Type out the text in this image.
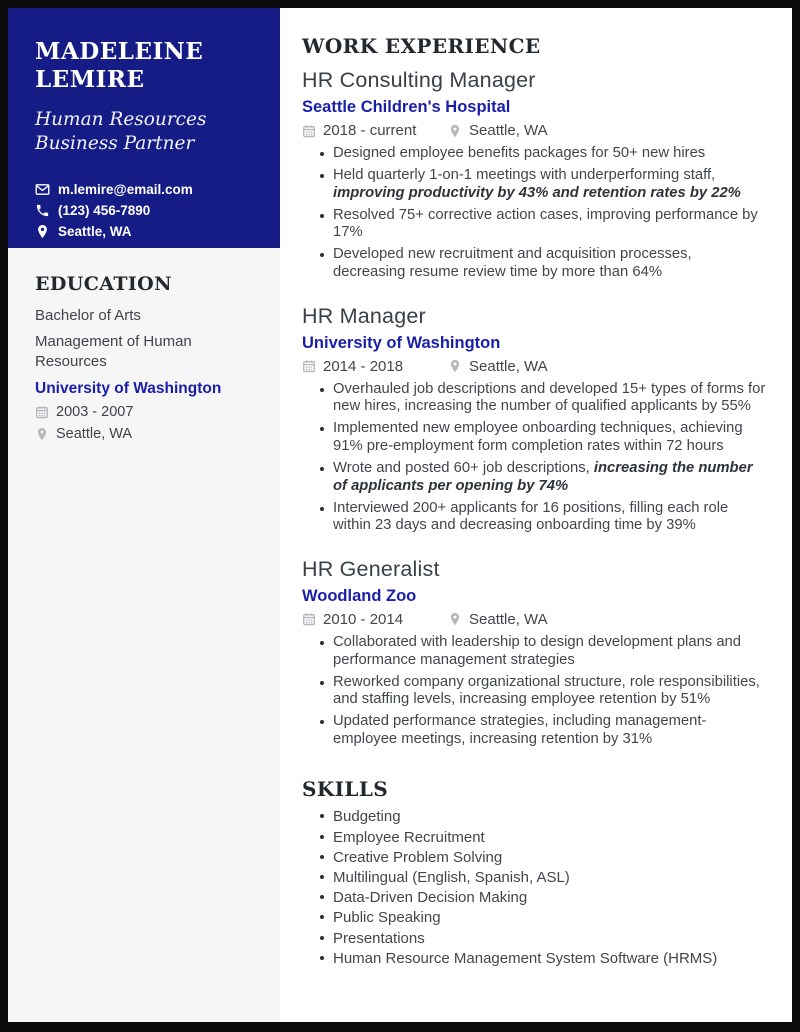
MADELEINE
LEMIRE
Human Resources
Business Partner
m.lemire@email.com
(123) 456-7890
Seattle, WA
EDUCATION
Bachelor of Arts
Management of Human Resources
University of Washington
2003 - 2007
Seattle, WA
WORK EXPERIENCE
HR Consulting Manager
Seattle Children's Hospital
2018 - current	Seattle, WA
Designed employee benefits packages for 50+ new hires
Held quarterly 1-on-1 meetings with underperforming staff, improving productivity by 43% and retention rates by 22%
Resolved 75+ corrective action cases, improving performance by 17%
Developed new recruitment and acquisition processes, decreasing resume review time by more than 64%
HR Manager
University of Washington
2014 - 2018	Seattle, WA
Overhauled job descriptions and developed 15+ types of forms for new hires, increasing the number of qualified applicants by 55%
Implemented new employee onboarding techniques, achieving 91% pre-employment form completion rates within 72 hours
Wrote and posted 60+ job descriptions, increasing the number of applicants per opening by 74%
Interviewed 200+ applicants for 16 positions, filling each role within 23 days and decreasing onboarding time by 39%
HR Generalist
Woodland Zoo
2010 - 2014	Seattle, WA
Collaborated with leadership to design development plans and performance management strategies
Reworked company organizational structure, role responsibilities, and staffing levels, increasing employee retention by 51%
Updated performance strategies, including management-employee meetings, increasing retention by 31%
SKILLS
Budgeting
Employee Recruitment
Creative Problem Solving
Multilingual (English, Spanish, ASL)
Data-Driven Decision Making
Public Speaking
Presentations
Human Resource Management System Software (HRMS)
